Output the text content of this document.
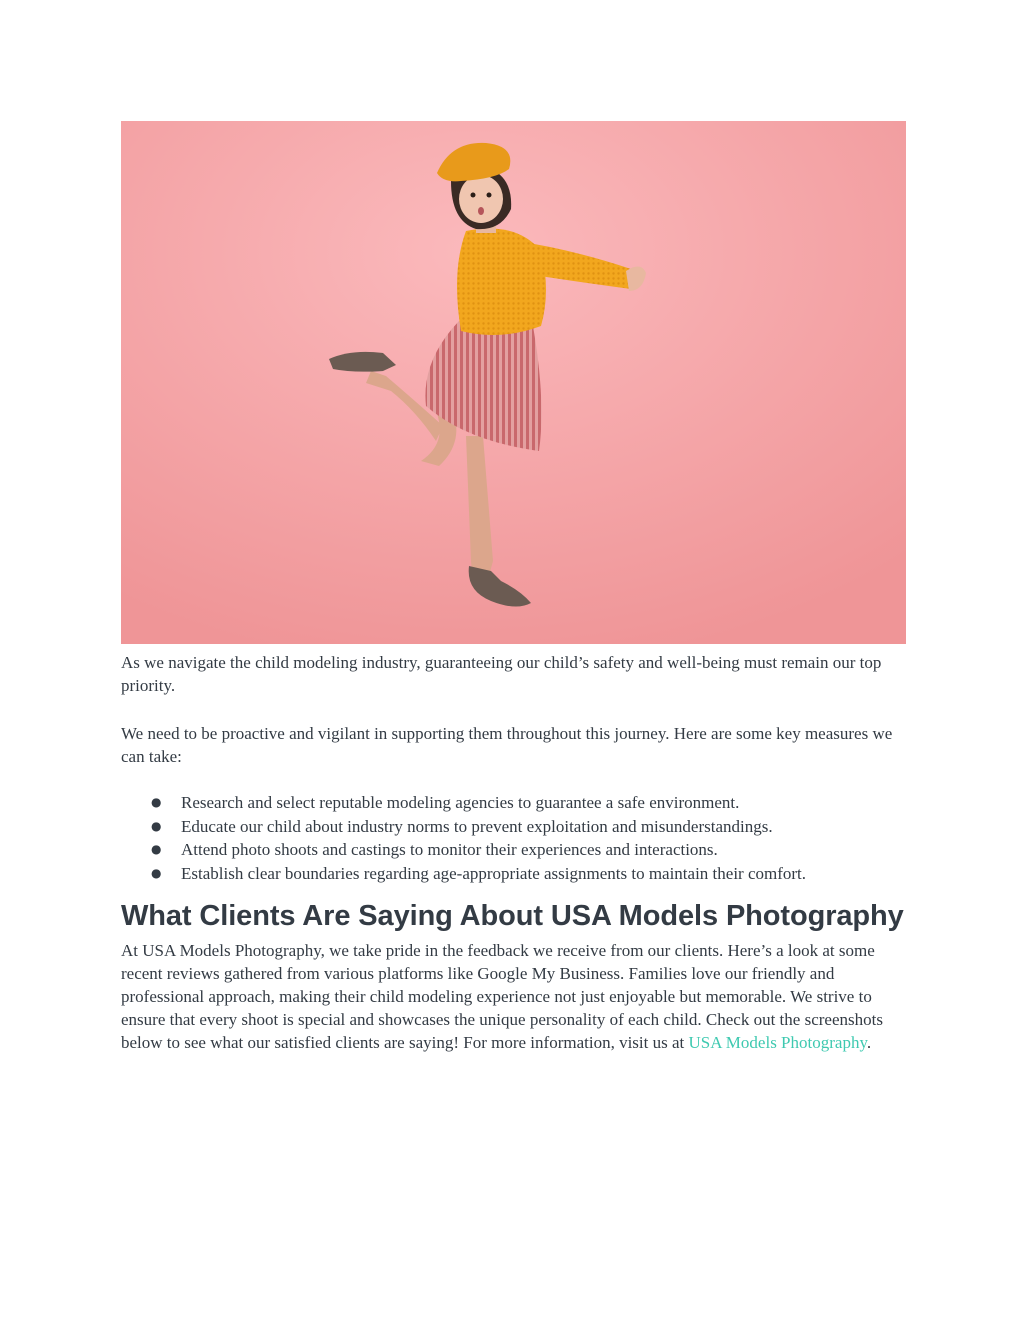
As we navigate the child modeling industry, guaranteeing our child’s safety and well-being must remain our top priority.

We need to be proactive and vigilant in supporting them throughout this journey. Here are some key measures we can take:

● Research and select reputable modeling agencies to guarantee a safe environment.
● Educate our child about industry norms to prevent exploitation and misunderstandings.
● Attend photo shoots and castings to monitor their experiences and interactions.
● Establish clear boundaries regarding age-appropriate assignments to maintain their comfort.
What Clients Are Saying About USA Models Photography

At USA Models Photography, we take pride in the feedback we receive from our clients. Here’s a look at some recent reviews gathered from various platforms like Google My Business. Families love our friendly and professional approach, making their child modeling experience not just enjoyable but memorable. We strive to ensure that every shoot is special and showcases the unique personality of each child. Check out the screenshots below to see what our satisfied clients are saying! For more information, visit us at USA Models Photography.
